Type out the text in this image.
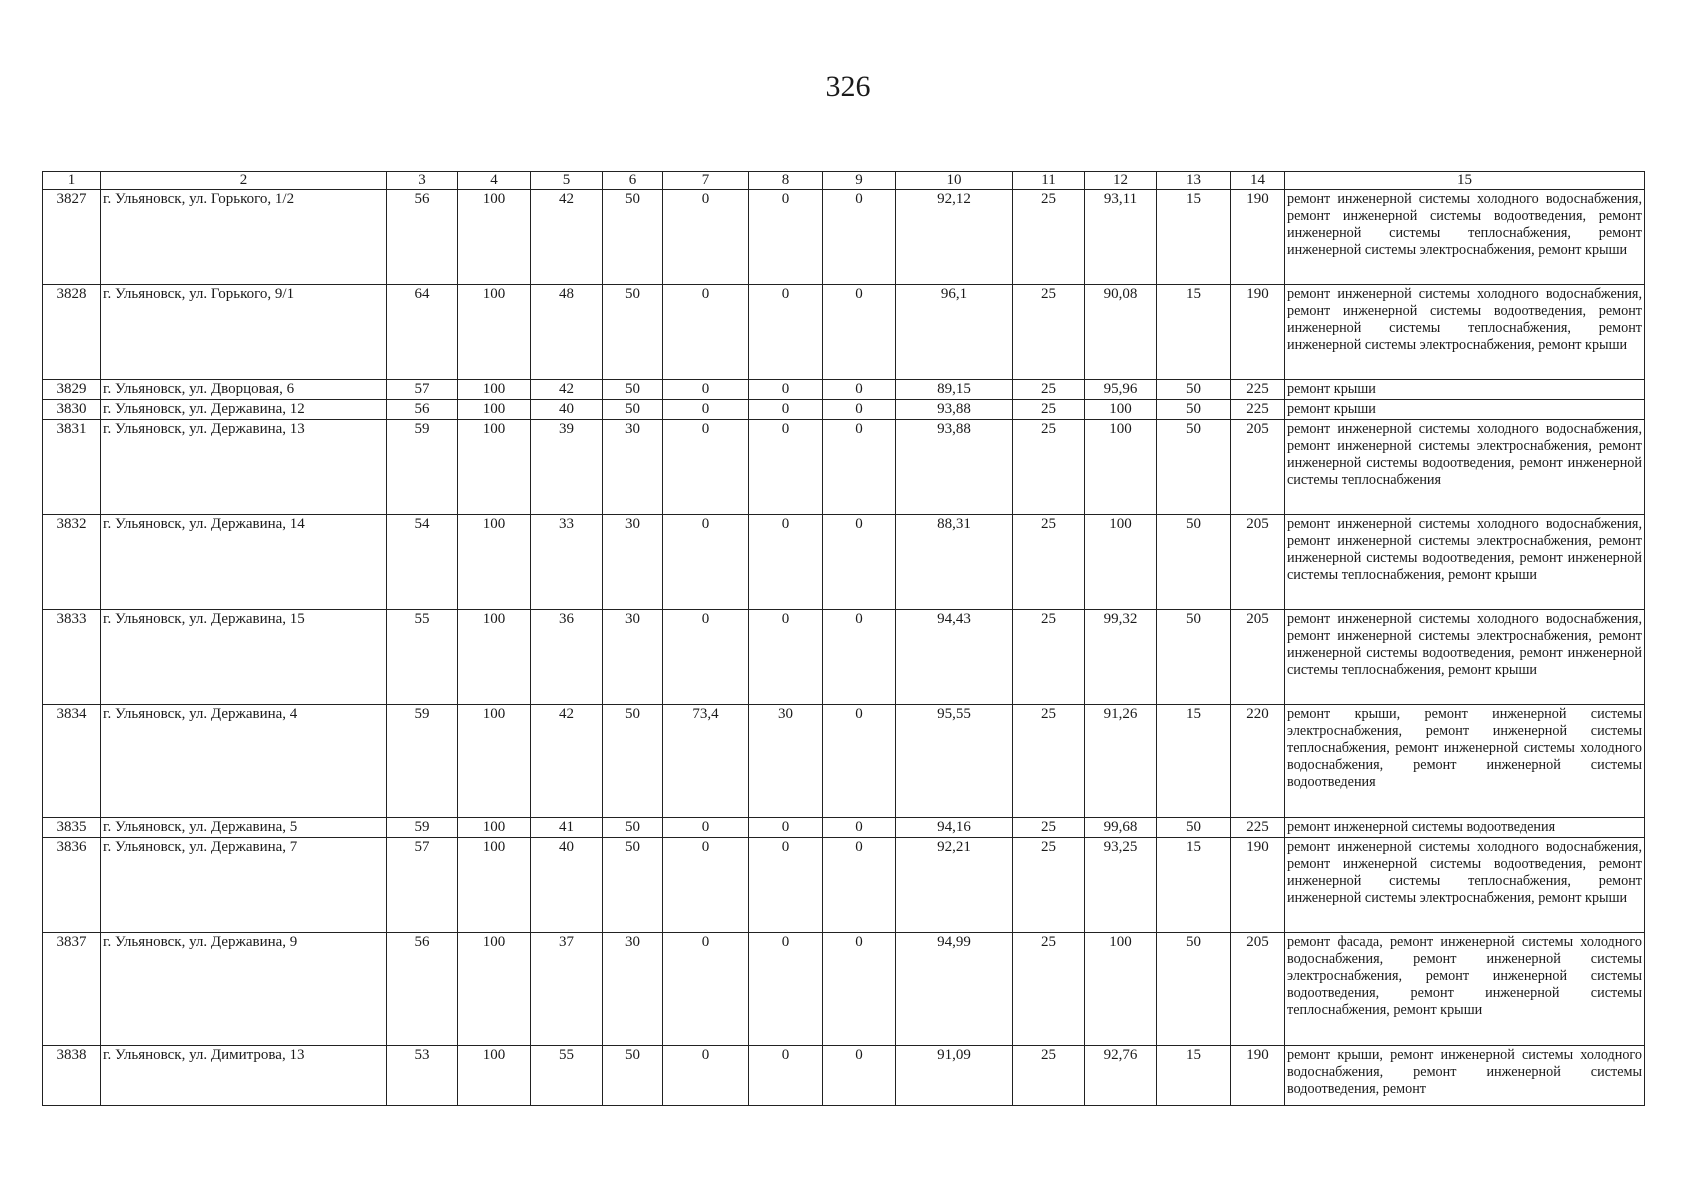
326
1	2	3	4	5	6	7	8	9	10	11	12	13	14	15
3827	г. Ульяновск, ул. Горького, 1/2	56	100	42	50	0	0	0	92,12	25	93,11	15	190	ремонт инженерной системы холодного водоснабжения, ремонт инженерной системы водоотведения, ремонт инженерной системы теплоснабжения, ремонт инженерной системы электроснабжения, ремонт крыши
3828	г. Ульяновск, ул. Горького, 9/1	64	100	48	50	0	0	0	96,1	25	90,08	15	190	ремонт инженерной системы холодного водоснабжения, ремонт инженерной системы водоотведения, ремонт инженерной системы теплоснабжения, ремонт инженерной системы электроснабжения, ремонт крыши
3829	г. Ульяновск, ул. Дворцовая, 6	57	100	42	50	0	0	0	89,15	25	95,96	50	225	ремонт крыши
3830	г. Ульяновск, ул. Державина, 12	56	100	40	50	0	0	0	93,88	25	100	50	225	ремонт крыши
3831	г. Ульяновск, ул. Державина, 13	59	100	39	30	0	0	0	93,88	25	100	50	205	ремонт инженерной системы холодного водоснабжения, ремонт инженерной системы электроснабжения, ремонт инженерной системы водоотведения, ремонт инженерной системы теплоснабжения
3832	г. Ульяновск, ул. Державина, 14	54	100	33	30	0	0	0	88,31	25	100	50	205	ремонт инженерной системы холодного водоснабжения, ремонт инженерной системы электроснабжения, ремонт инженерной системы водоотведения, ремонт инженерной системы теплоснабжения, ремонт крыши
3833	г. Ульяновск, ул. Державина, 15	55	100	36	30	0	0	0	94,43	25	99,32	50	205	ремонт инженерной системы холодного водоснабжения, ремонт инженерной системы электроснабжения, ремонт инженерной системы водоотведения, ремонт инженерной системы теплоснабжения, ремонт крыши
3834	г. Ульяновск, ул. Державина, 4	59	100	42	50	73,4	30	0	95,55	25	91,26	15	220	ремонт крыши, ремонт инженерной системы электроснабжения, ремонт инженерной системы теплоснабжения, ремонт инженерной системы холодного водоснабжения, ремонт инженерной системы водоотведения
3835	г. Ульяновск, ул. Державина, 5	59	100	41	50	0	0	0	94,16	25	99,68	50	225	ремонт инженерной системы водоотведения
3836	г. Ульяновск, ул. Державина, 7	57	100	40	50	0	0	0	92,21	25	93,25	15	190	ремонт инженерной системы холодного водоснабжения, ремонт инженерной системы водоотведения, ремонт инженерной системы теплоснабжения, ремонт инженерной системы электроснабжения, ремонт крыши
3837	г. Ульяновск, ул. Державина, 9	56	100	37	30	0	0	0	94,99	25	100	50	205	ремонт фасада, ремонт инженерной системы холодного водоснабжения, ремонт инженерной системы электроснабжения, ремонт инженерной системы водоотведения, ремонт инженерной системы теплоснабжения, ремонт крыши
3838	г. Ульяновск, ул. Димитрова, 13	53	100	55	50	0	0	0	91,09	25	92,76	15	190	ремонт крыши, ремонт инженерной системы холодного водоснабжения, ремонт инженерной системы водоотведения, ремонт
